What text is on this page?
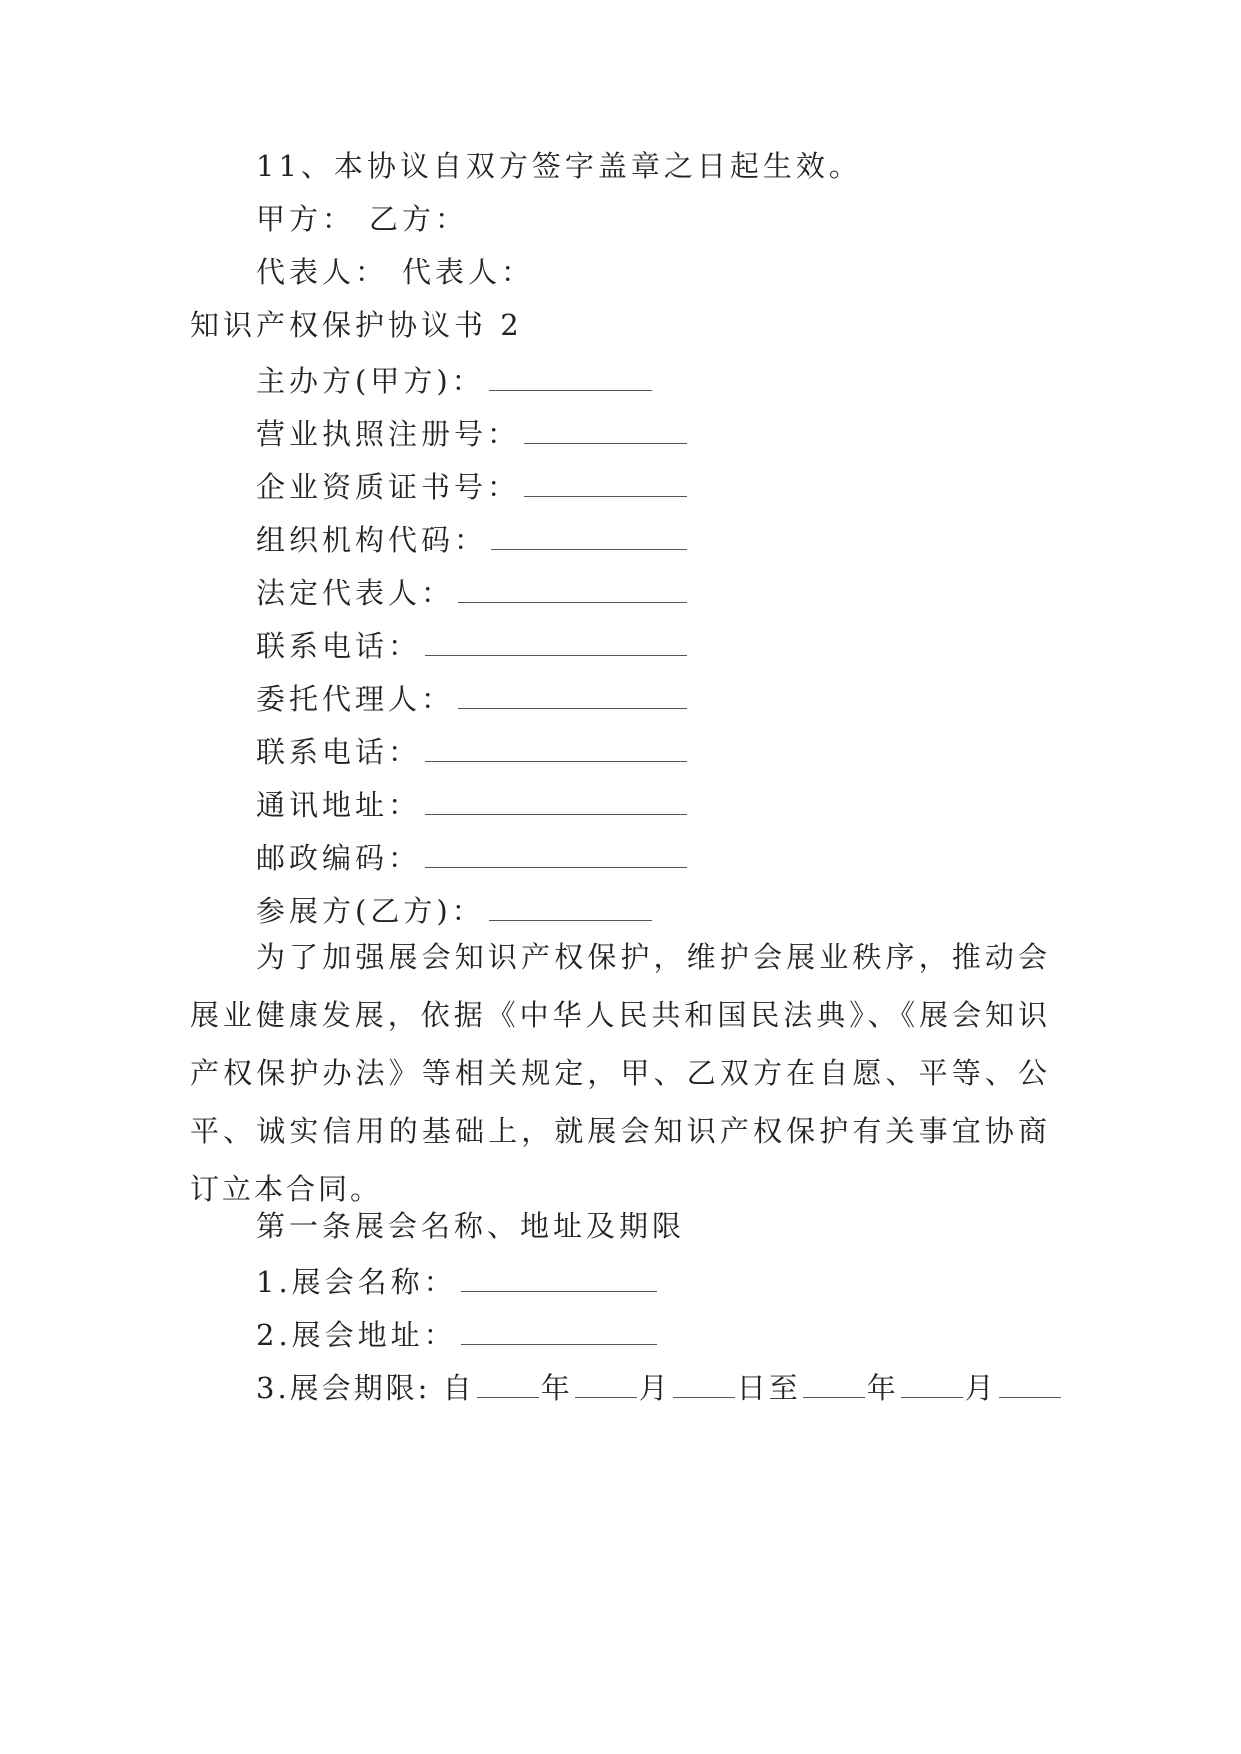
11、本协议自双方签字盖章之日起生效。
甲方： 乙方：
代表人： 代表人：
知识产权保护协议书 2
主办方(甲方)：
营业执照注册号：
企业资质证书号：
组织机构代码：
法定代表人：
联系电话：
委托代理人：
联系电话：
通讯地址：
邮政编码：
参展方(乙方)：
为了加强展会知识产权保护，维护会展业秩序，推动会展业健康发展，依据《中华人民共和国民法典》、《展会知识产权保护办法》等相关规定，甲、乙双方在自愿、平等、公平、诚实信用的基础上，就展会知识产权保护有关事宜协商订立本合同。
第一条展会名称、地址及期限
1.展会名称：
2.展会地址：
3.展会期限: 自 年 月 日至 年 月
